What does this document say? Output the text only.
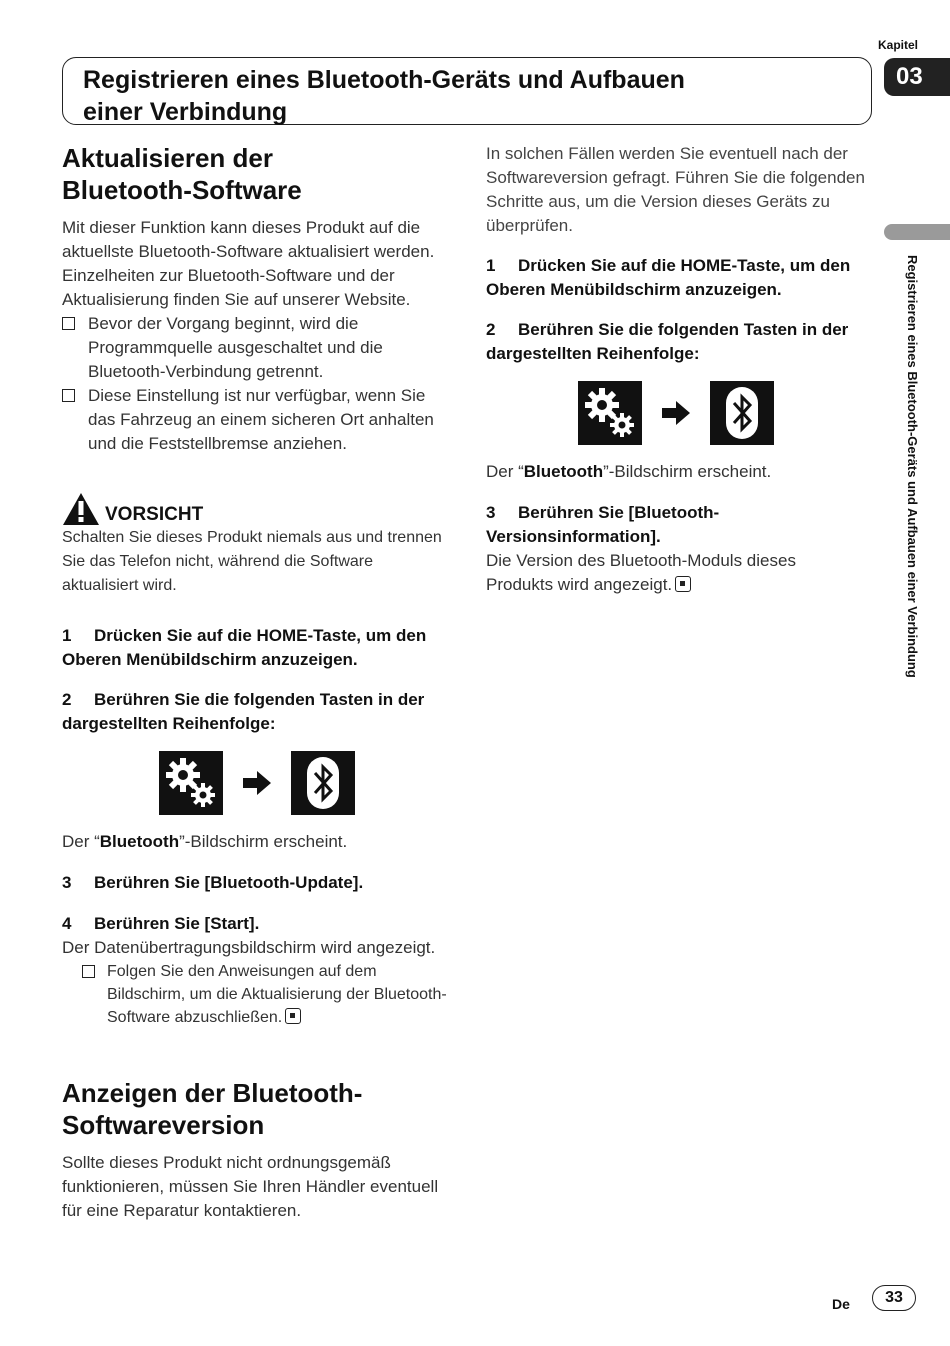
Kapitel
03
Registrieren eines Bluetooth-Geräts und Aufbauen
einer Verbindung
Registrieren eines Bluetooth-Geräts und Aufbauen einer Verbindung
Aktualisieren der
Bluetooth-Software

Mit dieser Funktion kann dieses Produkt auf die aktuellste Bluetooth-Software aktualisiert werden. Einzelheiten zur Bluetooth-Software und der Aktualisierung finden Sie auf unserer Website.

Bevor der Vorgang beginnt, wird die Programmquelle ausgeschaltet und die Bluetooth-Verbindung getrennt.
Diese Einstellung ist nur verfügbar, wenn Sie das Fahrzeug an einem sicheren Ort anhalten und die Feststellbremse anziehen.
VORSICHT

Schalten Sie dieses Produkt niemals aus und trennen Sie das Telefon nicht, während die Software aktualisiert wird.

1 Drücken Sie auf die HOME-Taste, um den Oberen Menübildschirm anzuzeigen.

2 Berühren Sie die folgenden Tasten in der dargestellten Reihenfolge:

Der “Bluetooth”-Bildschirm erscheint.

3 Berühren Sie [Bluetooth-Update].

4 Berühren Sie [Start].

Der Datenübertragungsbildschirm wird angezeigt.

Folgen Sie den Anweisungen auf dem Bildschirm, um die Aktualisierung der Bluetooth-Software abzuschließen.
Anzeigen der Bluetooth-
Softwareversion

Sollte dieses Produkt nicht ordnungsgemäß funktionieren, müssen Sie Ihren Händler eventuell für eine Reparatur kontaktieren.

In solchen Fällen werden Sie eventuell nach der Softwareversion gefragt. Führen Sie die folgenden Schritte aus, um die Version dieses Geräts zu überprüfen.

1 Drücken Sie auf die HOME-Taste, um den Oberen Menübildschirm anzuzeigen.

2 Berühren Sie die folgenden Tasten in der dargestellten Reihenfolge:

Der “Bluetooth”-Bildschirm erscheint.

3 Berühren Sie [Bluetooth-Versionsinformation].

Die Version des Bluetooth-Moduls dieses Produkts wird angezeigt.

De	33
